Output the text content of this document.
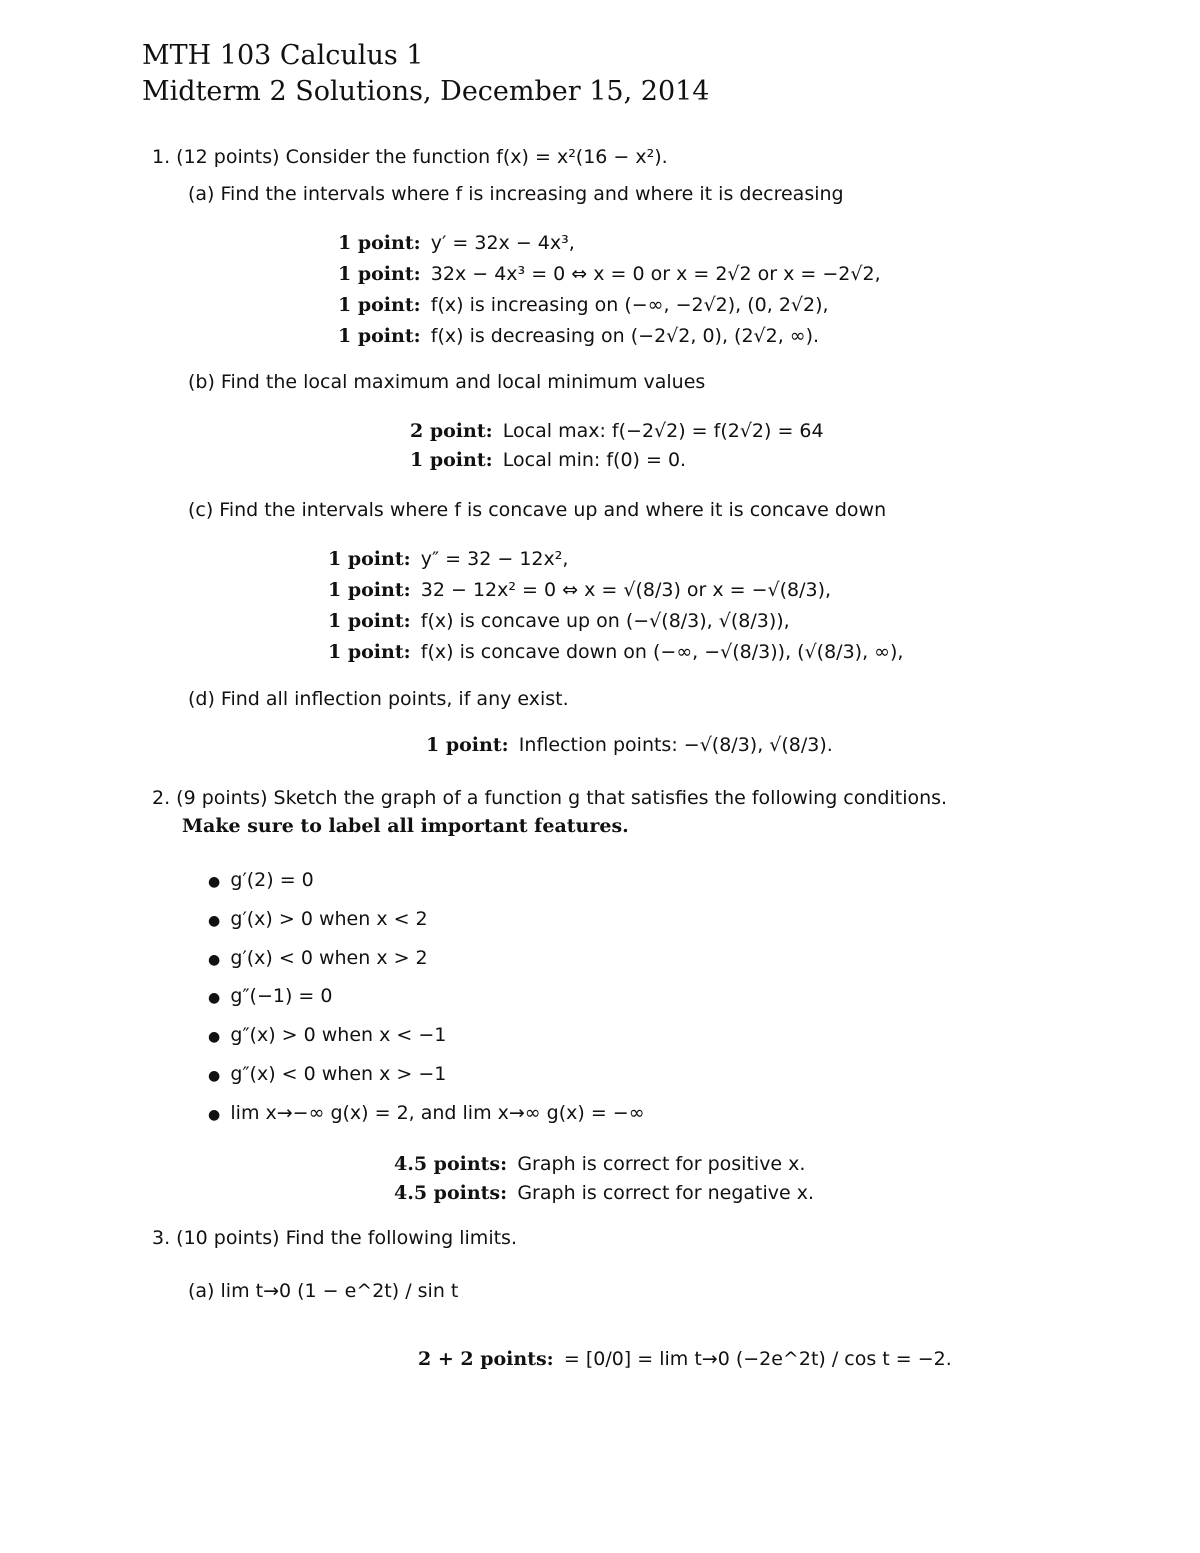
MTH 103 Calculus 1
Midterm 2 Solutions, December 15, 2014
1. (12 points) Consider the function f(x) = x²(16 − x²).
(a) Find the intervals where f is increasing and where it is decreasing
1 point: y′ = 32x − 4x³,
1 point: 32x − 4x³ = 0 ⇔ x = 0 or x = 2√2 or x = −2√2,
1 point: f(x) is increasing on (−∞, −2√2), (0, 2√2),
1 point: f(x) is decreasing on (−2√2, 0), (2√2, ∞).
(b) Find the local maximum and local minimum values
2 point: Local max: f(−2√2) = f(2√2) = 64
1 point: Local min: f(0) = 0.
(c) Find the intervals where f is concave up and where it is concave down
1 point: y″ = 32 − 12x²,
1 point: 32 − 12x² = 0 ⇔ x = √(8/3) or x = −√(8/3),
1 point: f(x) is concave up on (−√(8/3), √(8/3)),
1 point: f(x) is concave down on (−∞, −√(8/3)), (√(8/3), ∞),
(d) Find all inflection points, if any exist.
1 point: Inflection points: −√(8/3), √(8/3).
2. (9 points) Sketch the graph of a function g that satisfies the following conditions.
Make sure to label all important features.
● g′(2) = 0
● g′(x) > 0 when x < 2
● g′(x) < 0 when x > 2
● g″(−1) = 0
● g″(x) > 0 when x < −1
● g″(x) < 0 when x > −1
● lim x→−∞ g(x) = 2, and lim x→∞ g(x) = −∞
4.5 points: Graph is correct for positive x.
4.5 points: Graph is correct for negative x.
3. (10 points) Find the following limits.
(a) lim t→0 (1 − e^2t) / sin t
2 + 2 points: = [0/0] = lim t→0 (−2e^2t) / cos t = −2.
